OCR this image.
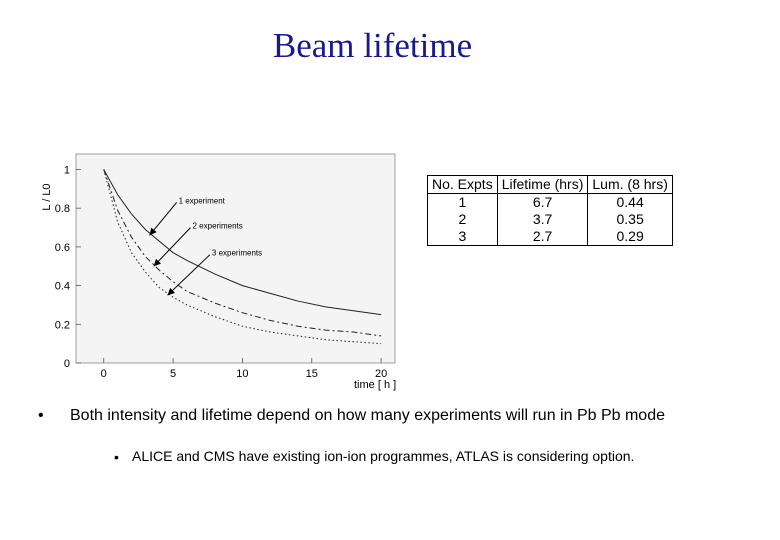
Beam lifetime
L / L0
0
0.2
0.4
0.6
0.8
1
0	5	10	15	20
1 experiment
2 experiments
3 experiments
time [ h ]
No. Expts	Lifetime (hrs)	Lum. (8 hrs)
1	6.7	0.44
2	3.7	0.35
3	2.7	0.29
• Both intensity and lifetime depend on how many experiments will run in Pb Pb mode
• ALICE and CMS have existing ion-ion programmes, ATLAS is considering option.
